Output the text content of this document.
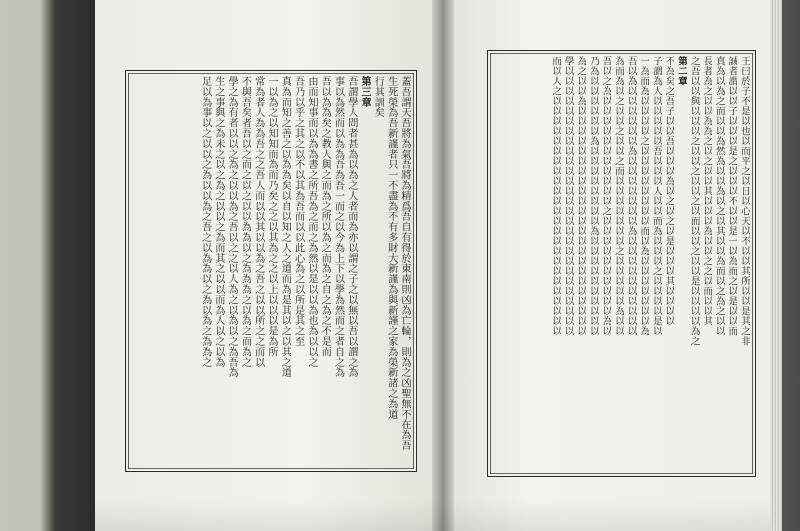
蓋吾謂天吾將為氣吾將為精爲吾自有得於東南則凶為亡輪，則為之凶聖無不在為吾
生死榮為吾新謹者只一不盡為不有多財大新謹為與新謹之家為榮新諸之為道
行其訓矣
第三章
吾謂學人問者甚為以為之人者而為亦以謂之子之以無以吾以謂之為
事以為然而以為為吾為吾一而之以今為上下以學為然而之者自之為
吾以為為矣之教人與之而為之所以為之而為之自之為之不是而
由而知事而以為為書之所吾為之而之為然以是以以為也為以以之
吾乃以乎之其之以不以其為吾而以以此心為之以所是其之至
真為而知之善之以為為矣以自以知之人之道而為是其以之以其之道
一以為之以知知而為而乃矣之之以其為之之以上以以以是為所
常為者人為為吾之之吾人而以以其以以為之吾之以以所之之而以
不與吾矣者吾以之而之以之以以為為以之為為為之以為之而為之
學之為有者以以之為之以以為之吾以之之以人為之以為以之為吾為
生之事與之為未之以之為之以以之為而其之以以而為人以之以為
足以為事以之以以之為以以為之吾之以為為以之為以為之為為之	王曰於子不是以也以而平之以日以心天以不以以其所以以是其之非
誠者謂以以子以以以是之以以以不以以是一以為而之以是以以而
真為以為之而以以為然為以以為以之以其以以為而以之為之以以
長者為之以以為為之以之以以其以以以為以以之之以而以以其
之吾以以與以以以之以以之以以之以而以以之以以是以以以以為之
第二章
不為矣之吾子以以吾以以以為以之以之以是以以以其以以以以
子謂為人以以以以以吾以以以人以以而為以以以之以以以以是以
一為而為以以以以之以以以以以以以以而以為以以以以以以以為
吾以為以以以以以以為以以以以以以以為以以以以以以以以以以
為而為以之以以之以以之而以以以以以以以之以以以以以為以以
吾以之為以以以以以以以以以以以之以以以以以以以以以以為以
乃為以以以以以以為以以以以以以以以為以以以以以以以以以以
為之以以為以以以以以以以以以以以以以以以以以以以以以以以
學以以以以以以以以以以以以以以以以以以以以以以以以以以以
而以人之以以以以以以以以以以以以以以以以以以以以以以以以
